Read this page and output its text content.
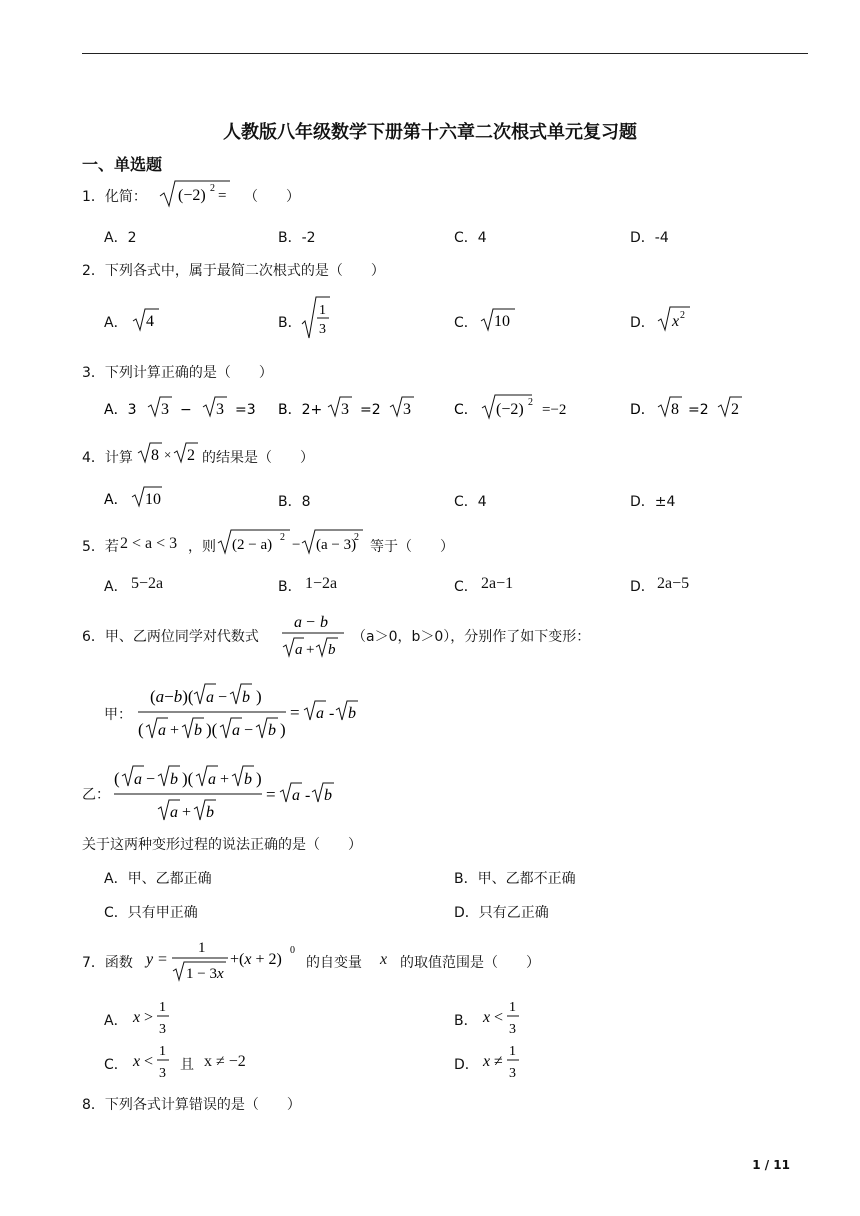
人教版八年级数学下册第十六章二次根式单元复习题
一、单选题
1．化简： (−2) 2 = （　　）
A．2	B．-2	C．4	D．-4
2．下列各式中，属于最简二次根式的是（　　）
A． 4	B．
1
3	C． 10	D． x 2
3．下列计算正确的是（　　）
A．3 3 − 3 =3 B．2+ 3 =2 3	C． (−2) 2 =−2	D． 8 =2 2
4．计算 8 × 2 的结果是（　　）
A． 10	B．8	C．4	D．±4
5．若 2 < a < 3 ，则 (2 − a) 2 − (a − 3)
2
等于（　　）
A． 5−2a	B． 1−2a	C． 2a−1	D． 2a−5
6．甲、乙两位同学对代数式
a − b
a + b
（a＞0，b＞0），分别作了如下变形：
甲：
(a−b)( a − b )
( a + b )( a − b )
= a - b
乙：
( a − b )( a + b )
a + b
= a - b
关于这两种变形过程的说法正确的是（　　）
A．甲、乙都正确	B．甲、乙都不正确
C．只有甲正确	D．只有乙正确
7．函数 y =
1
1 − 3x
+(x + 2)
0
的自变量 x 的取值范围是（　　）
A． x >
1
3
B． x <
1
3
C． x <
1
3
且 x ≠ −2	D． x ≠
1
3
8．下列各式计算错误的是（　　）
1 / 11
